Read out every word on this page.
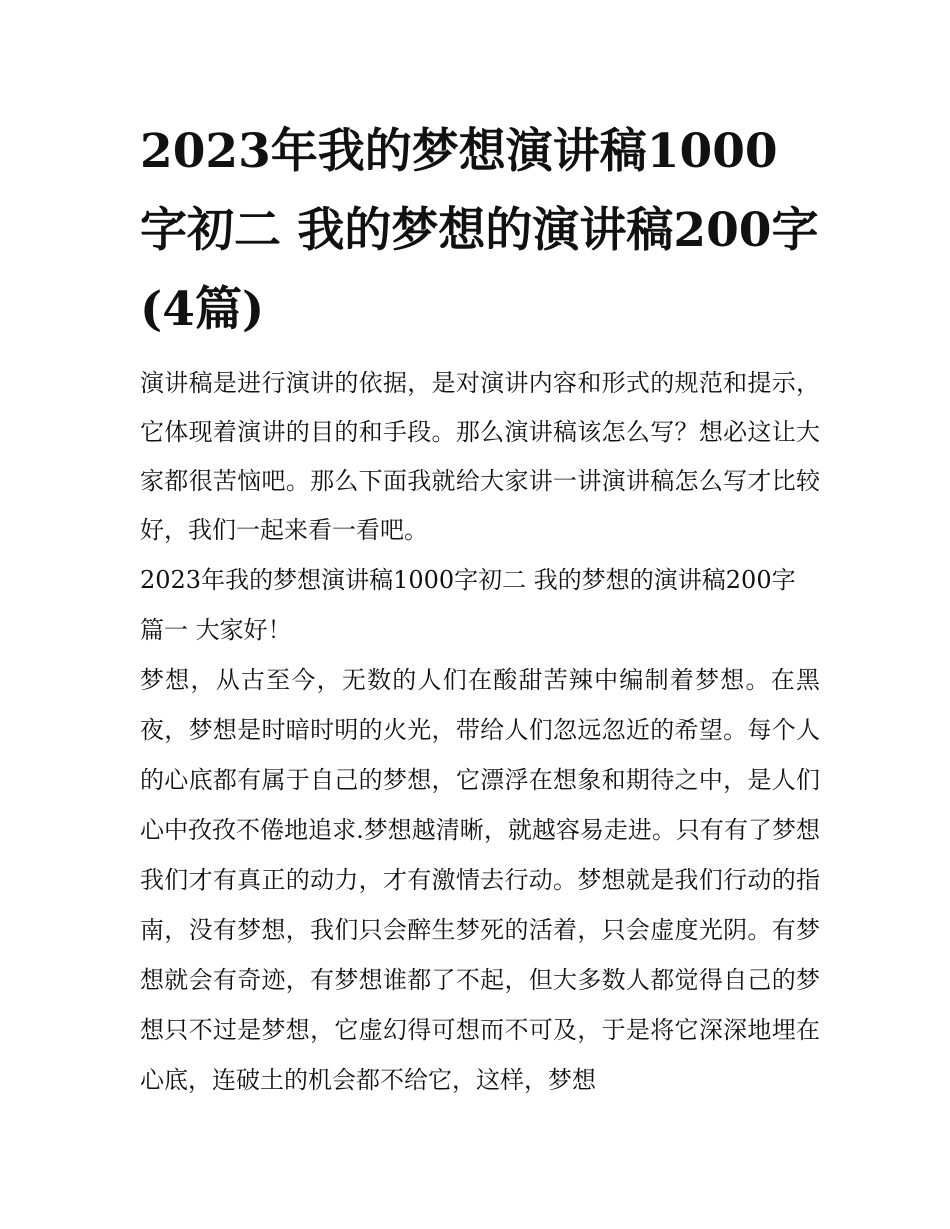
2023年我的梦想演讲稿1000字初二 我的梦想的演讲稿200字(4篇)

演讲稿是进行演讲的依据，是对演讲内容和形式的规范和提示，它体现着演讲的目的和手段。那么演讲稿该怎么写？想必这让大家都很苦恼吧。那么下面我就给大家讲一讲演讲稿怎么写才比较好，我们一起来看一看吧。

2023年我的梦想演讲稿1000字初二 我的梦想的演讲稿200字

篇一 大家好！

梦想，从古至今，无数的人们在酸甜苦辣中编制着梦想。在黑夜，梦想是时暗时明的火光，带给人们忽远忽近的希望。每个人的心底都有属于自己的梦想，它漂浮在想象和期待之中，是人们心中孜孜不倦地追求.梦想越清晰，就越容易走进。只有有了梦想我们才有真正的动力，才有激情去行动。梦想就是我们行动的指南，没有梦想，我们只会醉生梦死的活着，只会虚度光阴。有梦想就会有奇迹，有梦想谁都了不起，但大多数人都觉得自己的梦想只不过是梦想，它虚幻得可想而不可及，于是将它深深地埋在心底，连破土的机会都不给它，这样，梦想
